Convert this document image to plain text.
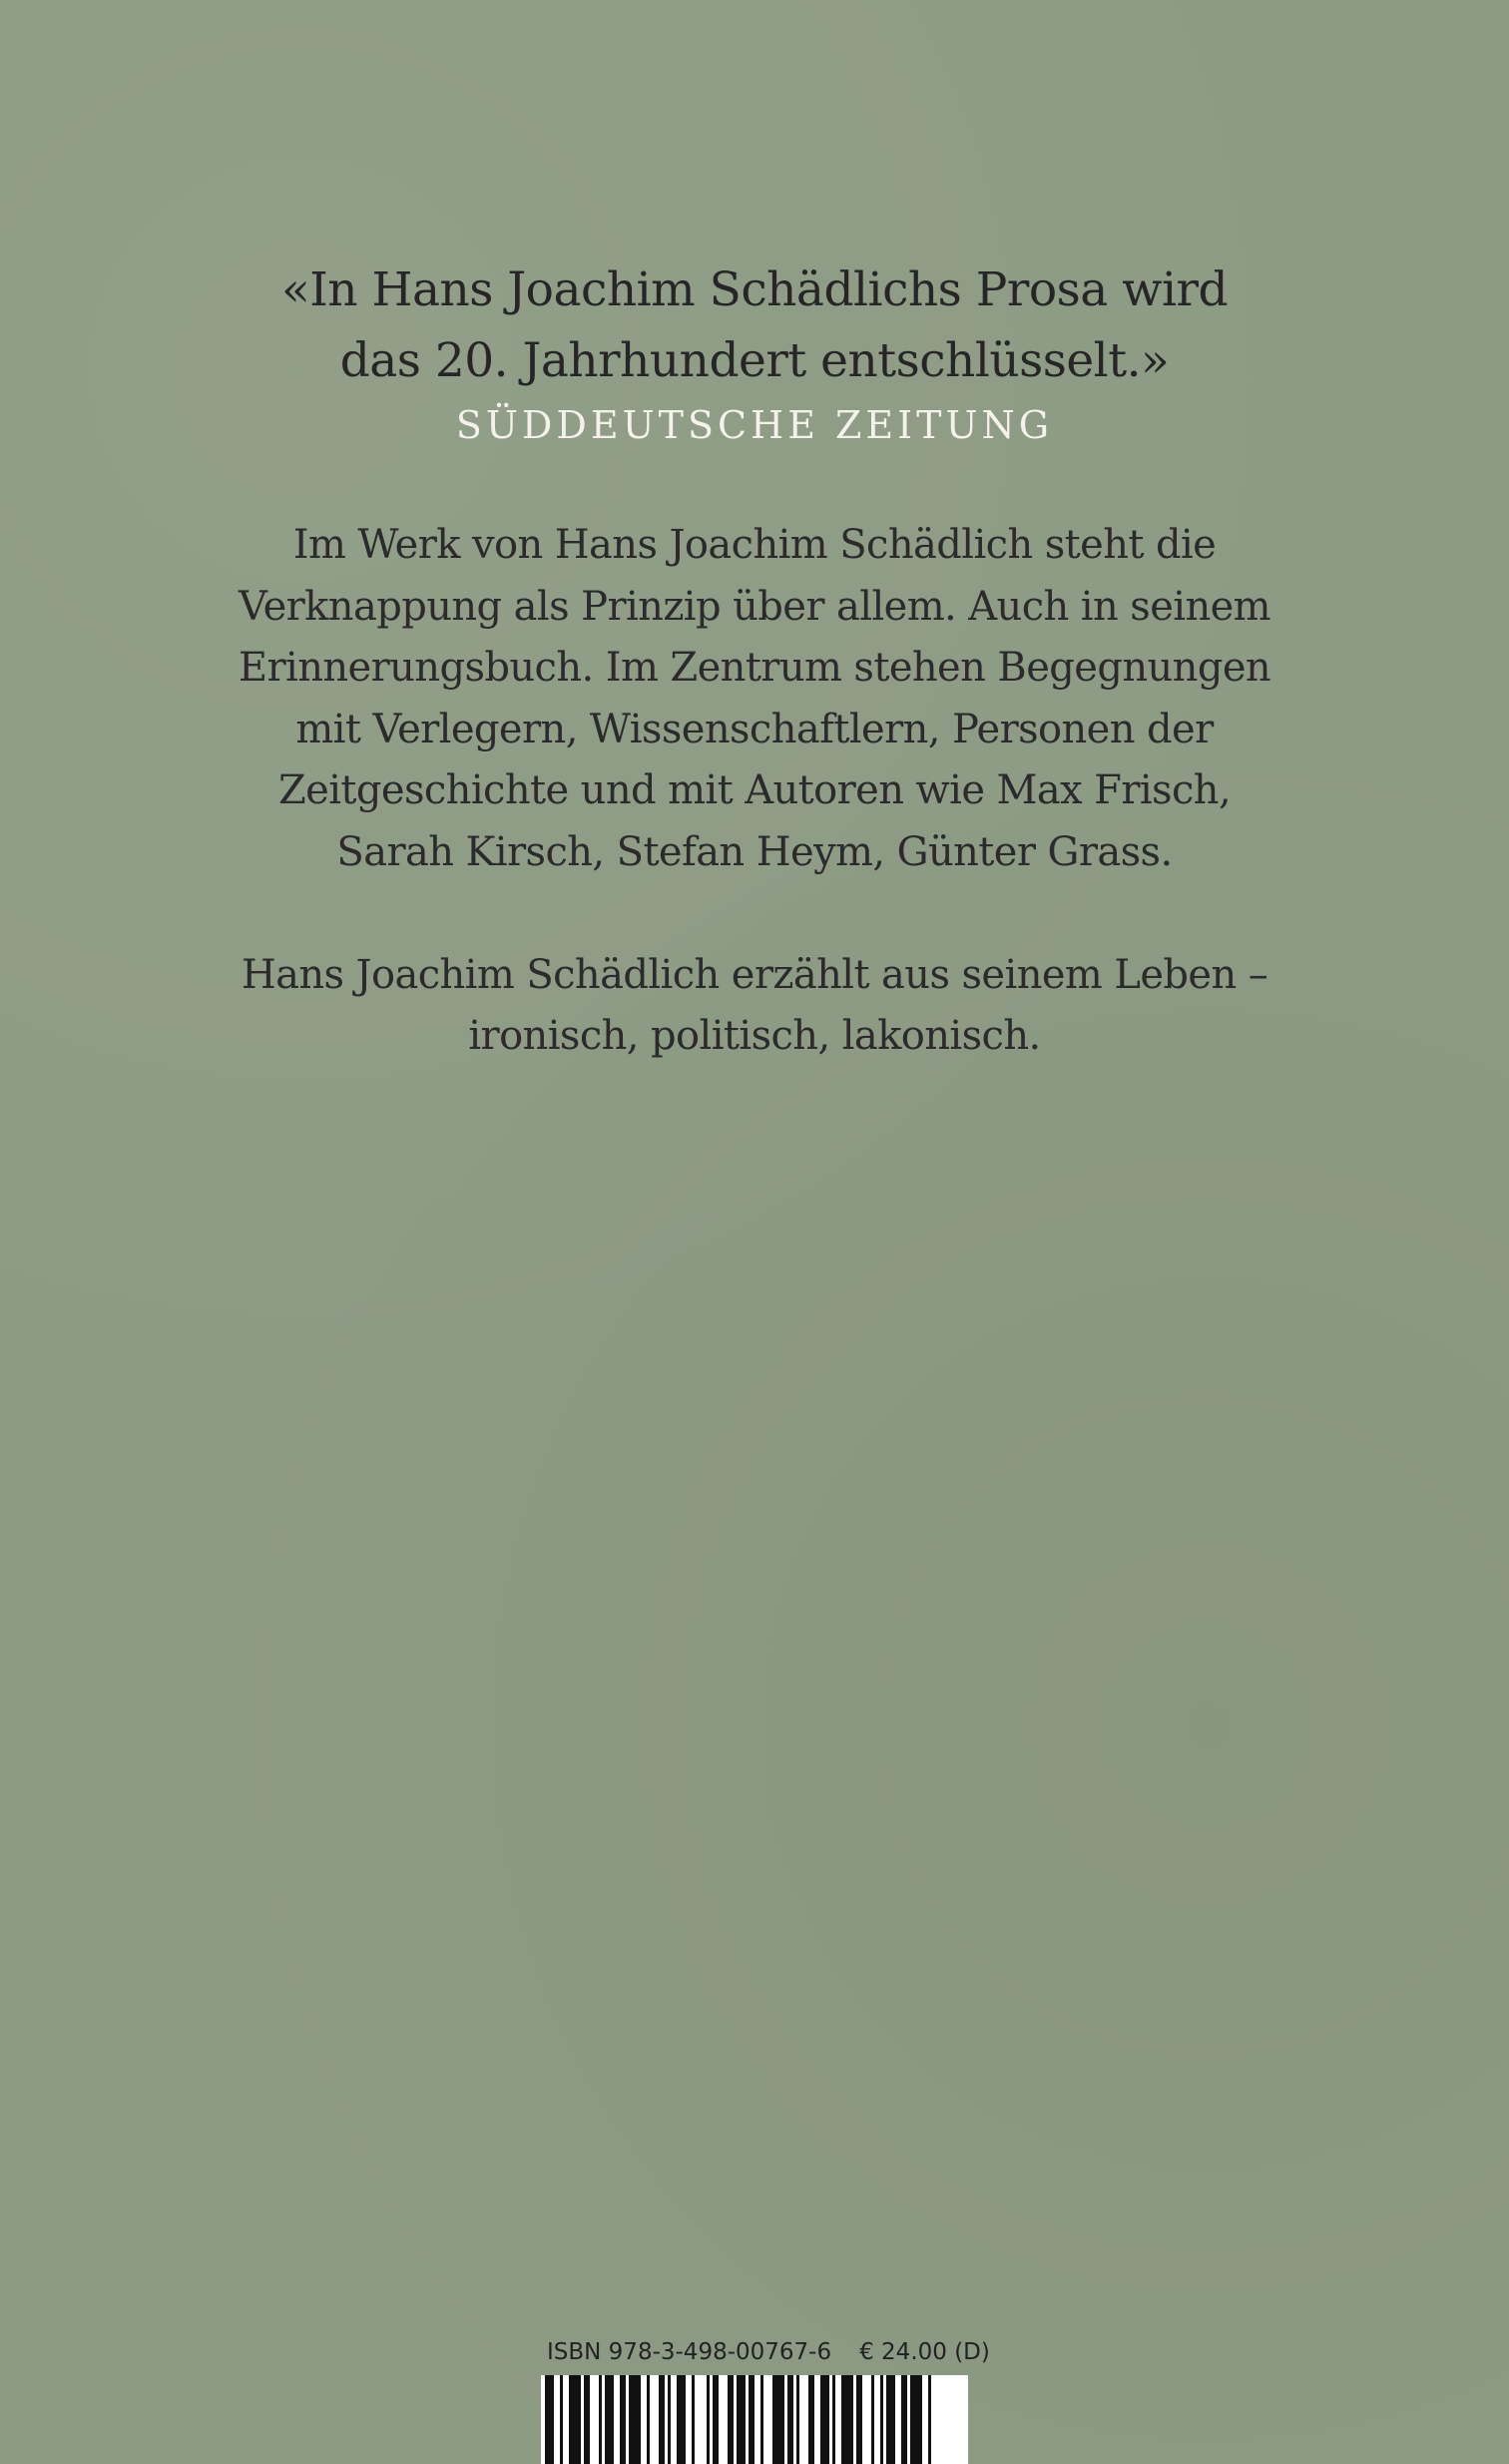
«In Hans Joachim Schädlichs Prosa wird
das 20. Jahrhundert entschlüsselt.»
SÜDDEUTSCHE ZEITUNG
Im Werk von Hans Joachim Schädlich steht die
Verknappung als Prinzip über allem. Auch in seinem
Erinnerungsbuch. Im Zentrum stehen Begegnungen
mit Verlegern, Wissenschaftlern, Personen der
Zeitgeschichte und mit Autoren wie Max Frisch,
Sarah Kirsch, Stefan Heym, Günter Grass.
Hans Joachim Schädlich erzählt aus seinem Leben –
ironisch, politisch, lakonisch.
ISBN 978-3-498-00767-6 € 24.00 (D)
